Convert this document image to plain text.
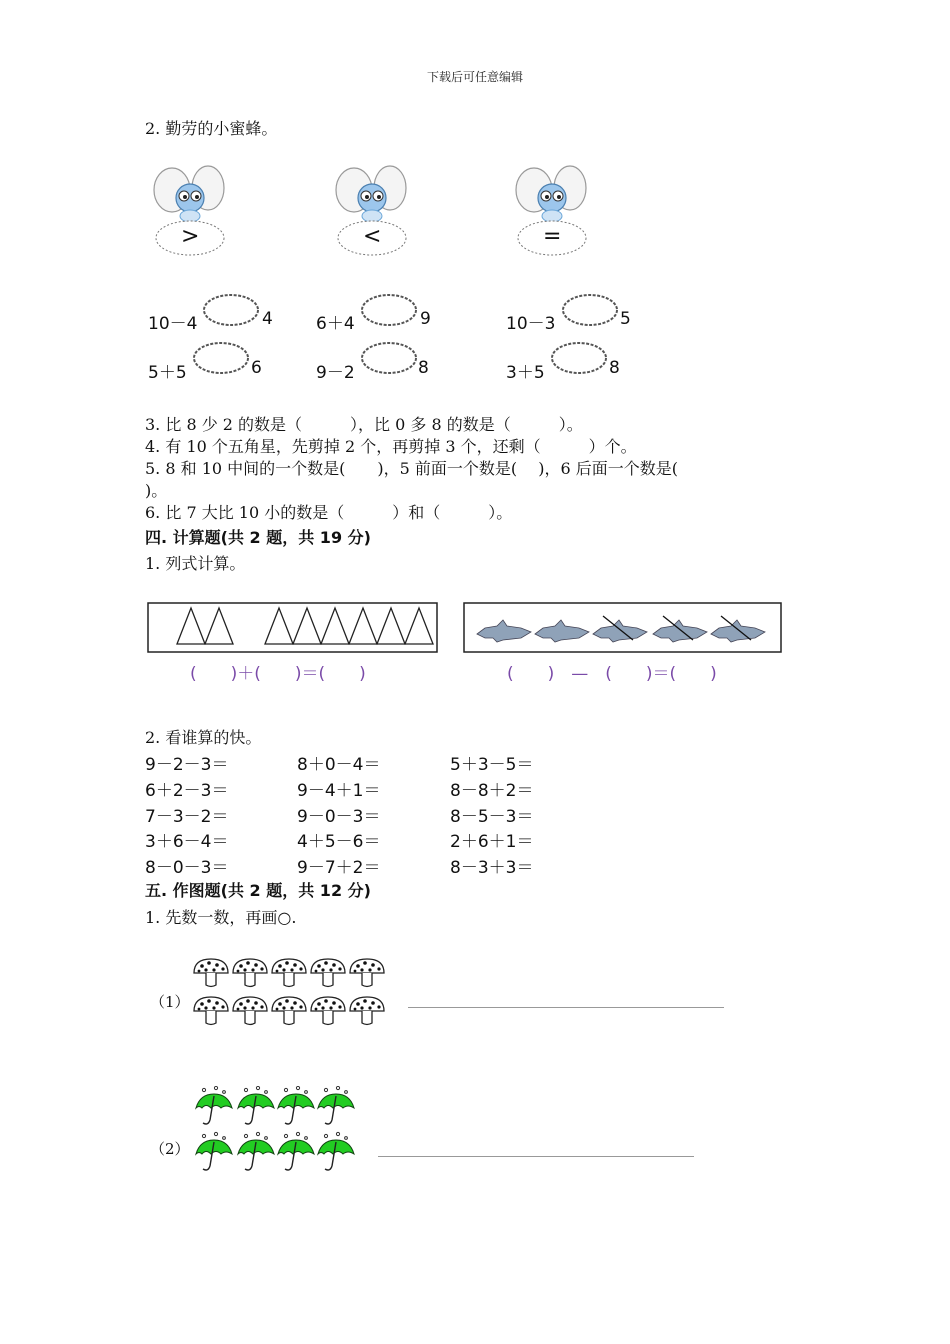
下载后可任意编辑
2. 勤劳的小蜜蜂。
>	<	=
10－4	4	6＋4	9	10－3	5
5＋5	6	9－2	8	3＋5	8
3. 比 8 少 2 的数是（　　　），比 0 多 8 的数是（　　　）。
4. 有 10 个五角星，先剪掉 2 个，再剪掉 3 个，还剩（　　　）个。
5. 8 和 10 中间的一个数是(　　)，5 前面一个数是(　 )，6 后面一个数是(
)。
6. 比 7 大比 10 小的数是（　　　）和（　　　）。
四. 计算题(共 2 题，共 19 分)
1. 列式计算。
(　　)＋(　　)＝(　　)	(　　)　—　(　　)＝(　　)
2. 看谁算的快。
9－2－3＝	8＋0－4＝	5＋3－5＝
6＋2－3＝	9－4＋1＝	8－8＋2＝
7－3－2＝	9－0－3＝	8－5－3＝
3＋6－4＝	4＋5－6＝	2＋6＋1＝
8－0－3＝	9－7＋2＝	8－3＋3＝
五. 作图题(共 2 题，共 12 分)
1. 先数一数，再画○.
（1）
（2）
